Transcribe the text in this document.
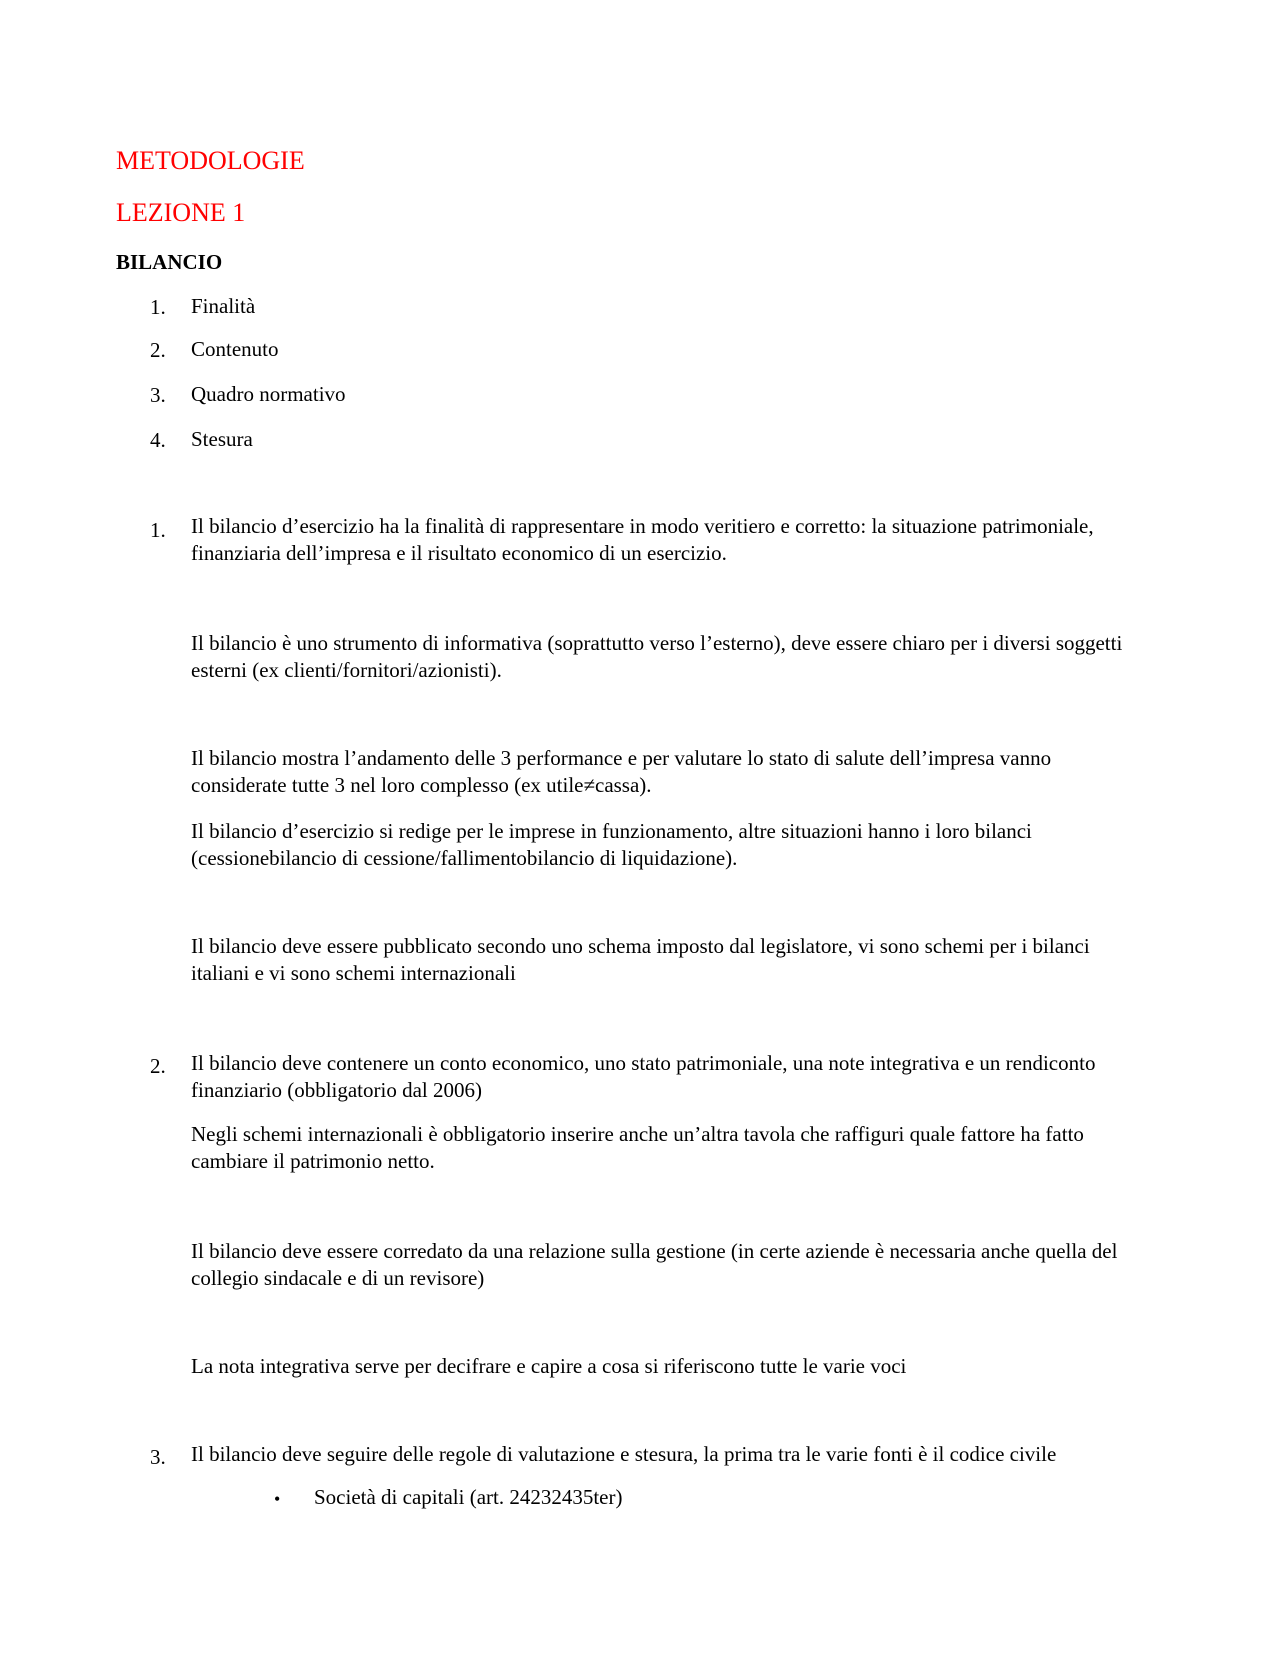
METODOLOGIE
LEZIONE 1
BILANCIO
1. Finalità
2. Contenuto
3. Quadro normativo
4. Stesura
1. Il bilancio d’esercizio ha la finalità di rappresentare in modo veritiero e corretto: la situazione patrimoniale, finanziaria dell’impresa e il risultato economico di un esercizio.
Il bilancio è uno strumento di informativa (soprattutto verso l’esterno), deve essere chiaro per i diversi soggetti esterni (ex clienti/fornitori/azionisti).
Il bilancio mostra l’andamento delle 3 performance e per valutare lo stato di salute dell’impresa vanno considerate tutte 3 nel loro complesso (ex utile≠cassa).
Il bilancio d’esercizio si redige per le imprese in funzionamento, altre situazioni hanno i loro bilanci (cessionebilancio di cessione/fallimentobilancio di liquidazione).
Il bilancio deve essere pubblicato secondo uno schema imposto dal legislatore, vi sono schemi per i bilanci italiani e vi sono schemi internazionali
2. Il bilancio deve contenere un conto economico, uno stato patrimoniale, una note integrativa e un rendiconto finanziario (obbligatorio dal 2006)
Negli schemi internazionali è obbligatorio inserire anche un’altra tavola che raffiguri quale fattore ha fatto cambiare il patrimonio netto.
Il bilancio deve essere corredato da una relazione sulla gestione (in certe aziende è necessaria anche quella del collegio sindacale e di un revisore)
La nota integrativa serve per decifrare e capire a cosa si riferiscono tutte le varie voci
3. Il bilancio deve seguire delle regole di valutazione e stesura, la prima tra le varie fonti è il codice civile
• Società di capitali (art. 24232435ter)
